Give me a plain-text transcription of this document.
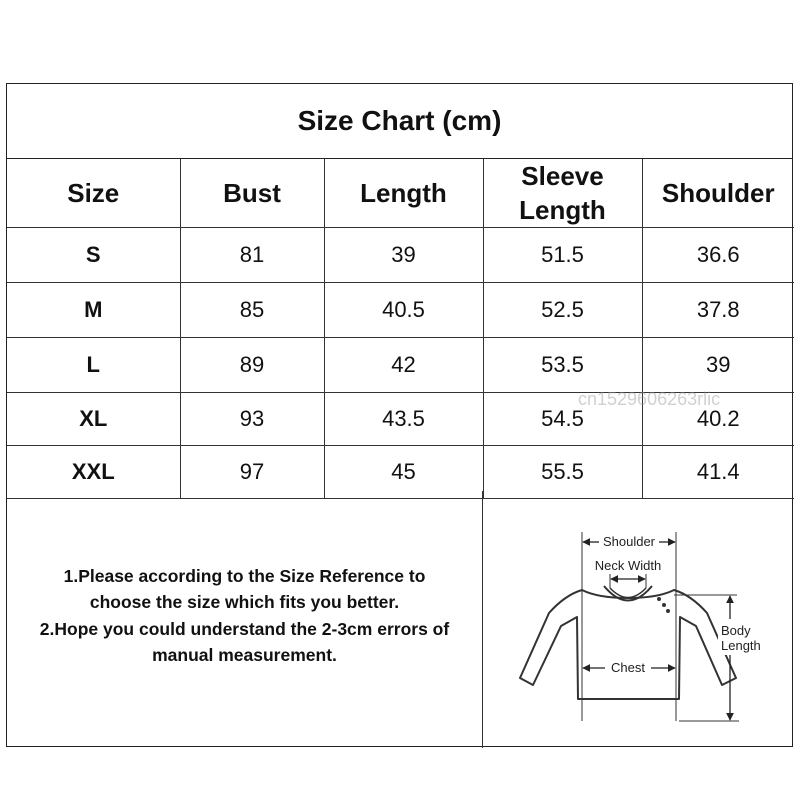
Size Chart (cm)
Size	Bust	Length	Sleeve Length	Shoulder
S	81	39	51.5	36.6
M	85	40.5	52.5	37.8
L	89	42	53.5	39
XL	93	43.5	54.5	40.2
XXL	97	45	55.5	41.4
1.Please according to the Size Reference to
choose the size which fits you better.
2.Hope you could understand the 2-3cm errors of
manual measurement.
Shoulder
Neck Width
Chest
Body
Length
cn1529606263rlic
